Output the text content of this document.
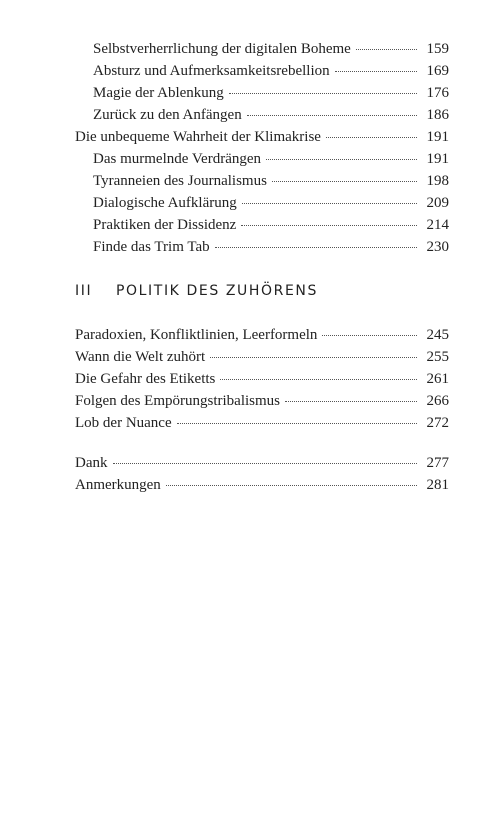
Selbstverherrlichung der digitalen Boheme	159
Absturz und Aufmerksamkeitsrebellion	169
Magie der Ablenkung	176
Zurück zu den Anfängen	186
Die unbequeme Wahrheit der Klimakrise	191
Das murmelnde Verdrängen	191
Tyranneien des Journalismus	198
Dialogische Aufklärung	209
Praktiken der Dissidenz	214
Finde das Trim Tab	230
III	POLITIK DES ZUHÖRENS
Paradoxien, Konfliktlinien, Leerformeln	245
Wann die Welt zuhört	255
Die Gefahr des Etiketts	261
Folgen des Empörungstribalismus	266
Lob der Nuance	272
Dank	277
Anmerkungen	281
